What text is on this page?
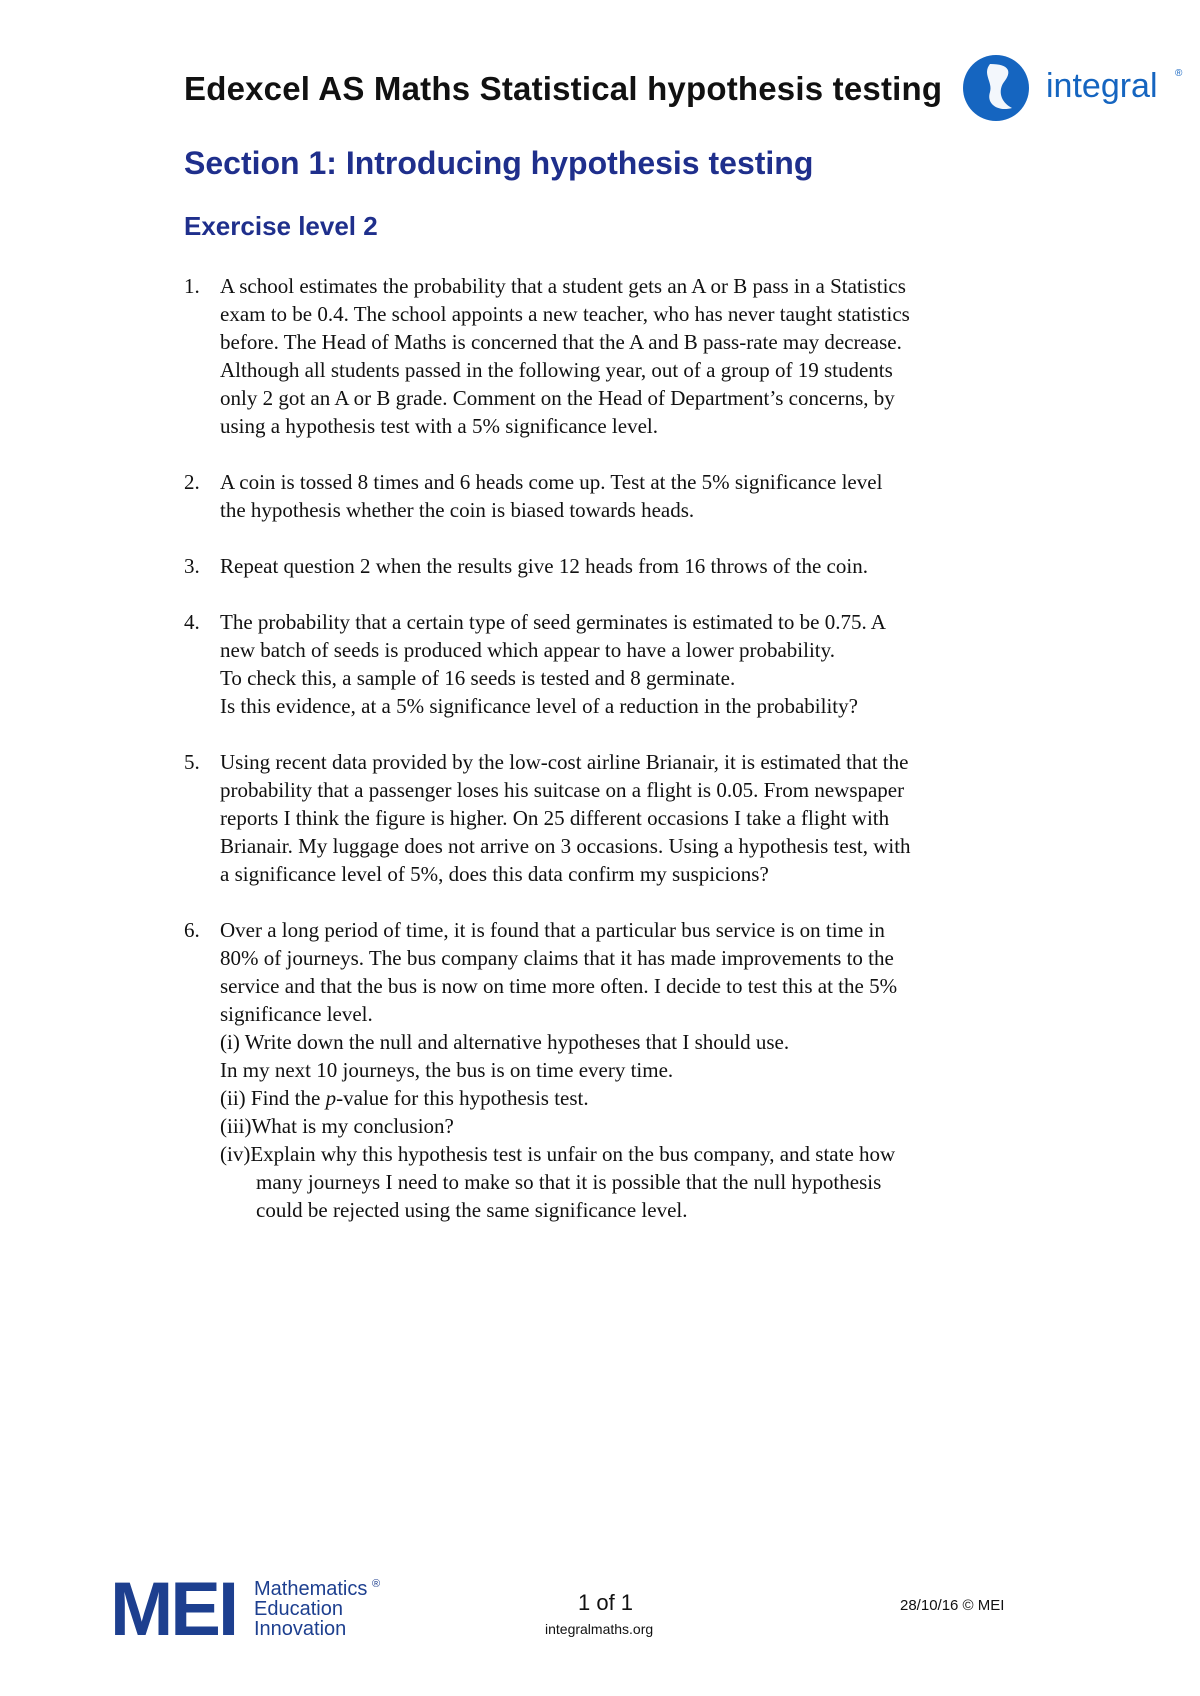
Edexcel AS Maths Statistical hypothesis testing	integral ®
Section 1: Introducing hypothesis testing
Exercise level 2
1. A school estimates the probability that a student gets an A or B pass in a Statistics
exam to be 0.4. The school appoints a new teacher, who has never taught statistics
before. The Head of Maths is concerned that the A and B pass-rate may decrease.
Although all students passed in the following year, out of a group of 19 students
only 2 got an A or B grade. Comment on the Head of Department’s concerns, by
using a hypothesis test with a 5% significance level.
2. A coin is tossed 8 times and 6 heads come up. Test at the 5% significance level
the hypothesis whether the coin is biased towards heads.
3. Repeat question 2 when the results give 12 heads from 16 throws of the coin.
4. The probability that a certain type of seed germinates is estimated to be 0.75. A
new batch of seeds is produced which appear to have a lower probability.
To check this, a sample of 16 seeds is tested and 8 germinate.
Is this evidence, at a 5% significance level of a reduction in the probability?
5. Using recent data provided by the low-cost airline Brianair, it is estimated that the
probability that a passenger loses his suitcase on a flight is 0.05. From newspaper
reports I think the figure is higher. On 25 different occasions I take a flight with
Brianair. My luggage does not arrive on 3 occasions. Using a hypothesis test, with
a significance level of 5%, does this data confirm my suspicions?
6. Over a long period of time, it is found that a particular bus service is on time in
80% of journeys. The bus company claims that it has made improvements to the
service and that the bus is now on time more often. I decide to test this at the 5%
significance level.
(i) Write down the null and alternative hypotheses that I should use.
In my next 10 journeys, the bus is on time every time.
(ii) Find the p-value for this hypothesis test.
(iii)What is my conclusion?
(iv)Explain why this hypothesis test is unfair on the bus company, and state how
many journeys I need to make so that it is possible that the null hypothesis
could be rejected using the same significance level.
MEI Mathematics
Education
Innovation
®
1 of 1
integralmaths.org
28/10/16 © MEI
